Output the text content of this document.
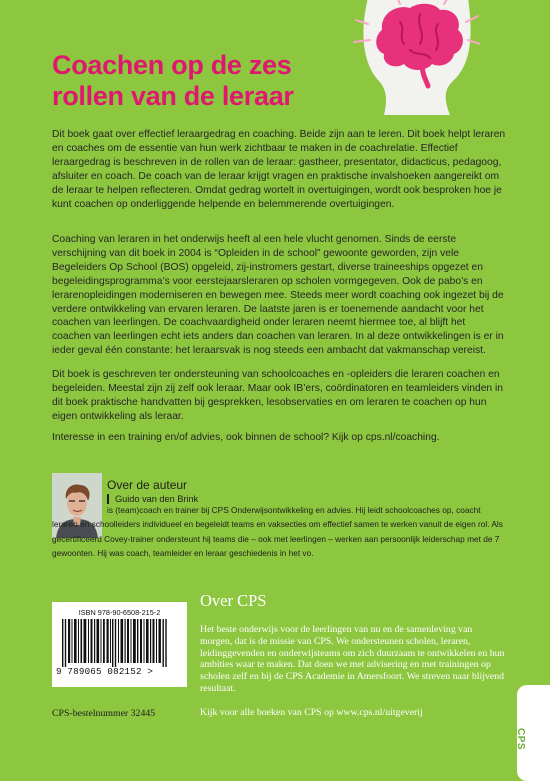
Coachen op de zes
rollen van de leraar

Dit boek gaat over effectief leraargedrag en coaching. Beide zijn aan te leren. Dit boek helpt leraren en coaches om de essentie van hun werk zichtbaar te maken in de coachrelatie. Effectief leraargedrag is beschreven in de rollen van de leraar: gastheer, presentator, didacticus, pedagoog, afsluiter en coach. De coach van de leraar krijgt vragen en praktische invalshoeken aangereikt om de leraar te helpen reflecteren. Omdat gedrag wortelt in overtuigingen, wordt ook besproken hoe je kunt coachen op onderliggende helpende en belemmerende overtuigingen.

Coaching van leraren in het onderwijs heeft al een hele vlucht genomen. Sinds de eerste verschijning van dit boek in 2004 is “Opleiden in de school” gewoonte geworden, zijn vele Begeleiders Op School (BOS) opgeleid, zij-instromers gestart, diverse traineeships opgezet en begeleidingsprogramma’s voor eerstejaarsleraren op scholen vormgegeven. Ook de pabo’s en lerarenopleidingen moderniseren en bewegen mee. Steeds meer wordt coaching ook ingezet bij de verdere ontwikkeling van ervaren leraren. De laatste jaren is er toenemende aandacht voor het coachen van leerlingen. De coachvaardigheid onder leraren neemt hiermee toe, al blijft het coachen van leerlingen echt iets anders dan coachen van leraren. In al deze ontwikkelingen is er in ieder geval één constante: het leraarsvak is nog steeds een ambacht dat vakmanschap vereist.

Dit boek is geschreven ter ondersteuning van schoolcoaches en -opleiders die leraren coachen en begeleiden. Meestal zijn zij zelf ook leraar. Maar ook IB’ers, coördinatoren en teamleiders vinden in dit boek praktische handvatten bij gesprekken, lesobservaties en om leraren te coachen op hun eigen ontwikkeling als leraar.

Interesse in een training en/of advies, ook binnen de school? Kijk op cps.nl/coaching.

Over de auteur
Guido van den Brink

is (team)coach en trainer bij CPS Onderwijsontwikkeling en advies. Hij leidt schoolcoaches op, coacht leraren en schoolleiders individueel en begeleidt teams en vaksecties om effectief samen te werken vanuit de eigen rol. Als gecertificeerd Covey-trainer ondersteunt hij teams die – ook met leerlingen – werken aan persoonlijk leiderschap met de 7 gewoonten. Hij was coach, teamleider en leraar geschiedenis in het vo.

ISBN 978-90-6508-215-2
9 789065 082152 >
CPS-bestelnummer 32445
Over CPS

Het beste onderwijs voor de leerlingen van nu en de samenleving van morgen, dat is de missie van CPS. We ondersteunen scholen, leraren, leidinggevenden en onderwijsteams om zich duurzaam te ontwikkelen en hun ambities waar te maken. Dat doen we met advisering en met trainingen op scholen zelf en bij de CPS Academie in Amersfoort. We streven naar blijvend resultaat.

Kijk voor alle boeken van CPS op www.cps.nl/uitgeverij
CPS
